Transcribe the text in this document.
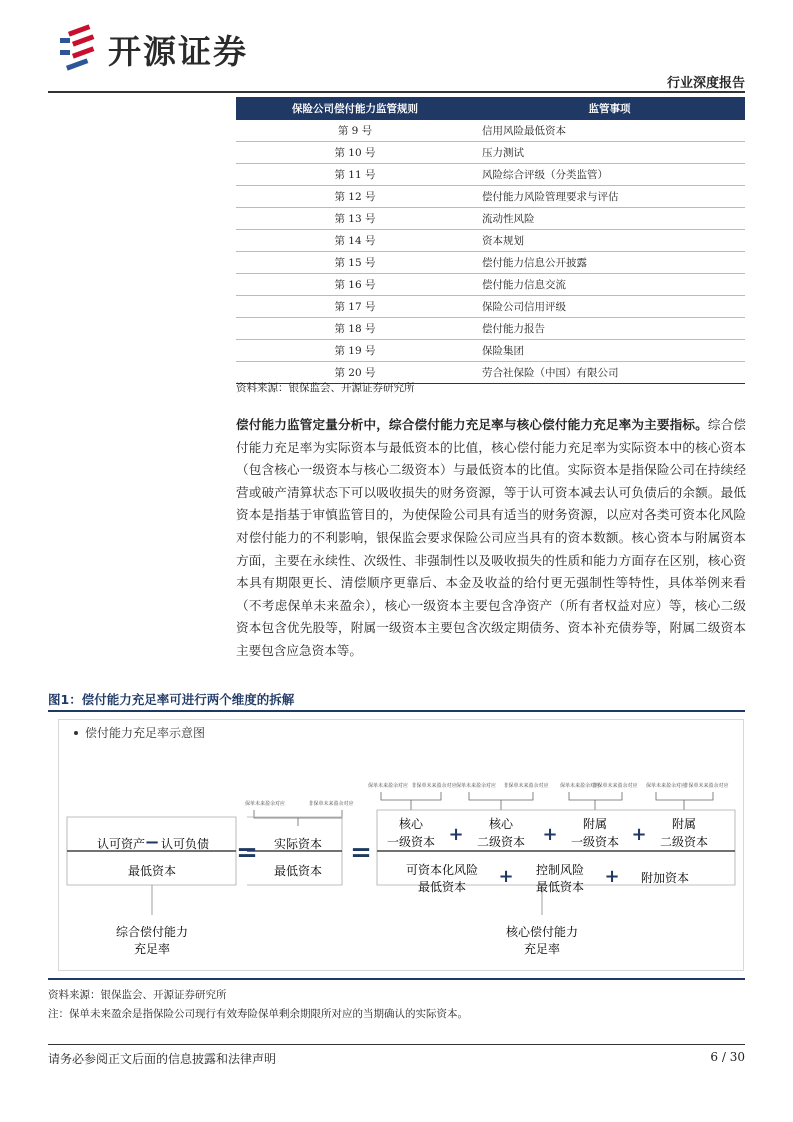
开源证券
行业深度报告
保险公司偿付能力监管规则	监管事项
第 9 号	信用风险最低资本
第 10 号	压力测试
第 11 号	风险综合评级（分类监管）
第 12 号	偿付能力风险管理要求与评估
第 13 号	流动性风险
第 14 号	资本规划
第 15 号	偿付能力信息公开披露
第 16 号	偿付能力信息交流
第 17 号	保险公司信用评级
第 18 号	偿付能力报告
第 19 号	保险集团
第 20 号	劳合社保险（中国）有限公司
资料来源：银保监会、开源证券研究所
偿付能力监管定量分析中，综合偿付能力充足率与核心偿付能力充足率为主要指标。综合偿付能力充足率为实际资本与最低资本的比值，核心偿付能力充足率为实际资本中的核心资本（包含核心一级资本与核心二级资本）与最低资本的比值。实际资本是指保险公司在持续经营或破产清算状态下可以吸收损失的财务资源，等于认可资本减去认可负债后的余额。最低资本是指基于审慎监管目的，为使保险公司具有适当的财务资源，以应对各类可资本化风险对偿付能力的不利影响，银保监会要求保险公司应当具有的资本数额。核心资本与附属资本方面，主要在永续性、次级性、非强制性以及吸收损失的性质和能力方面存在区别，核心资本具有期限更长、清偿顺序更靠后、本金及收益的给付更无强制性等特性，具体举例来看（不考虑保单未来盈余），核心一级资本主要包含净资产（所有者权益对应）等，核心二级资本包含优先股等，附属一级资本主要包含次级定期债务、资本补充债券等，附属二级资本主要包含应急资本等。
图1：偿付能力充足率可进行两个维度的拆解
偿付能力充足率示意图
保单未来盈余对应	非保单未来盈余对应
保单未来盈余对应 非保单未来盈余对应 保单未来盈余对应 非保单未来盈余对应 保单未来盈余对应
非保单未来盈余对应 保单未来盈余对应
非保单未来盈余对应
认可资产 − 认可负债
最低资本
综合偿付能力
充足率
=	=
实际资本
最低资本
核心
一级资本
核心
二级资本
附属
一级资本
附属
二级资本
+	+	+
+	+
可资本化风险
最低资本
控制风险
最低资本
附加资本
核心偿付能力
充足率
资料来源：银保监会、开源证券研究所
注：保单未来盈余是指保险公司现行有效寿险保单剩余期限所对应的当期确认的实际资本。
请务必参阅正文后面的信息披露和法律声明	6 / 30
